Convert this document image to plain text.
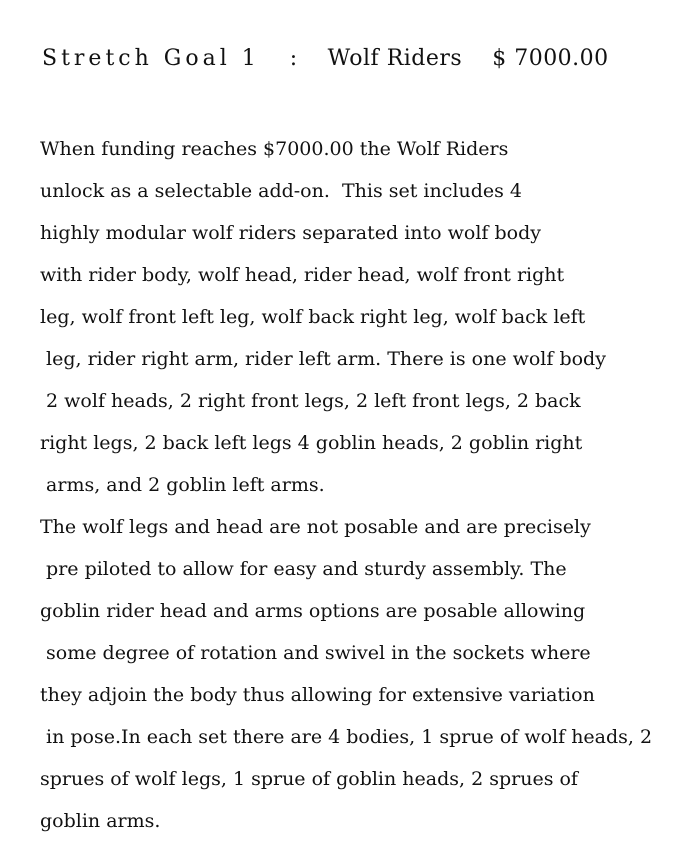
Stretch Goal 1 : Wolf Riders $ 7000.00
When funding reaches $7000.00 the Wolf Riders
unlock as a selectable add-on.  This set includes 4
highly modular wolf riders separated into wolf body
with rider body, wolf head, rider head, wolf front right
leg, wolf front left leg, wolf back right leg, wolf back left
leg, rider right arm, rider left arm. There is one wolf body
2 wolf heads, 2 right front legs, 2 left front legs, 2 back
right legs, 2 back left legs 4 goblin heads, 2 goblin right
arms, and 2 goblin left arms.
The wolf legs and head are not posable and are precisely
pre piloted to allow for easy and sturdy assembly. The
goblin rider head and arms options are posable allowing
some degree of rotation and swivel in the sockets where
they adjoin the body thus allowing for extensive variation
in pose.In each set there are 4 bodies, 1 sprue of wolf heads, 2
sprues of wolf legs, 1 sprue of goblin heads, 2 sprues of
goblin arms.
